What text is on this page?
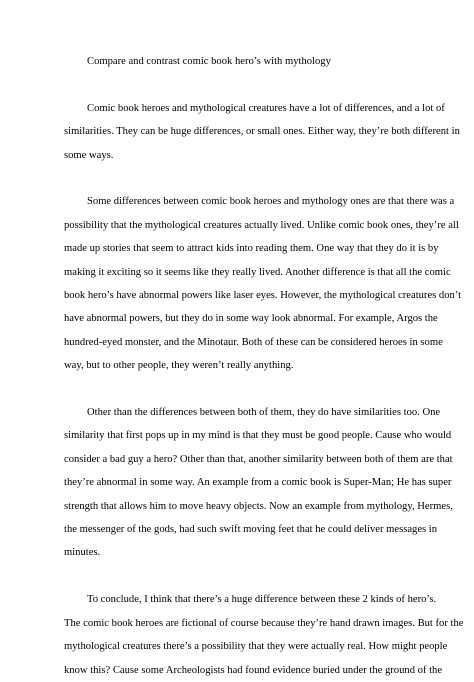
Compare and contrast comic book hero’s with mythology

Comic book heroes and mythological creatures have a lot of differences, and a lot of
similarities. They can be huge differences, or small ones. Either way, they’re both different in
some ways.

Some differences between comic book heroes and mythology ones are that there was a
possibility that the mythological creatures actually lived. Unlike comic book ones, they’re all
made up stories that seem to attract kids into reading them. One way that they do it is by
making it exciting so it seems like they really lived. Another difference is that all the comic
book hero’s have abnormal powers like laser eyes. However, the mythological creatures don’t
have abnormal powers, but they do in some way look abnormal. For example, Argos the
hundred-eyed monster, and the Minotaur. Both of these can be considered heroes in some
way, but to other people, they weren’t really anything.

Other than the differences between both of them, they do have similarities too. One
similarity that first pops up in my mind is that they must be good people. Cause who would
consider a bad guy a hero? Other than that, another similarity between both of them are that
they’re abnormal in some way. An example from a comic book is Super-Man; He has super
strength that allows him to move heavy objects. Now an example from mythology, Hermes,
the messenger of the gods, had such swift moving feet that he could deliver messages in
minutes.

To conclude, I think that there’s a huge difference between these 2 kinds of hero’s.
The comic book heroes are fictional of course because they’re hand drawn images. But for the
mythological creatures there’s a possibility that they were actually real. How might people
know this? Cause some Archeologists had found evidence buried under the ground of the
